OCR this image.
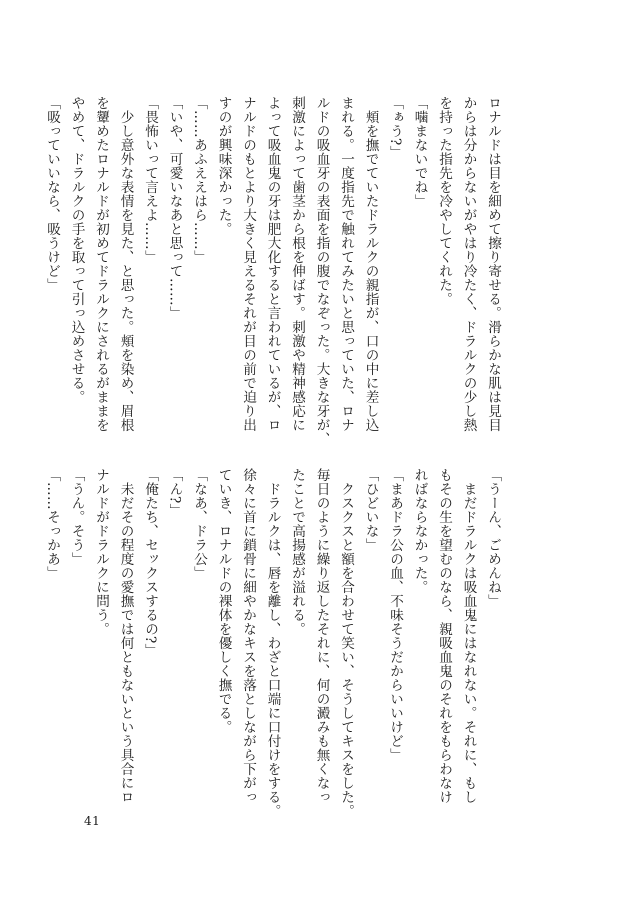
ロナルドは目を細めて擦り寄せる。滑らかな肌は見目
からは分からないがやはり冷たく、ドラルクの少し熱
を持った指先を冷やしてくれた。
「噛まないでね」
「ぁう?」
　頬を撫でていたドラルクの親指が、口の中に差し込
まれる。一度指先で触れてみたいと思っていた、ロナ
ルドの吸血牙の表面を指の腹でなぞった。大きな牙が、
刺激によって歯茎から根を伸ばす。刺激や精神感応に
よって吸血鬼の牙は肥大化すると言われているが、ロ
ナルドのもとより大きく見えるそれが目の前で迫り出
すのが興味深かった。
「……あふええはら……」
「いや、可愛いなあと思って……」
「畏怖いって言えよ……」
　少し意外な表情を見た、と思った。頬を染め、眉根
を顰めたロナルドが初めてドラルクにされるがままを
やめて、ドラルクの手を取って引っ込めさせる。
「吸っていいなら、吸うけど」
「うーん、ごめんね」
　まだドラルクは吸血鬼にはなれない。それに、もし
もその生を望むのなら、親吸血鬼のそれをもらわなけ
ればならなかった。
「まあドラ公の血、不味そうだからいいけど」
「ひどいな」
　クスクスと額を合わせて笑い、そうしてキスをした。
毎日のように繰り返したそれに、何の澱みも無くなっ
たことで高揚感が溢れる。
　ドラルクは、唇を離し、わざと口端に口付けをする。
徐々に首に鎖骨に細やかなキスを落としながら下がっ
ていき、ロナルドの裸体を優しく撫でる。
「なあ、ドラ公」
「ん?」
「俺たち、セックスするの?」
　未だその程度の愛撫では何ともないという具合にロ
ナルドがドラルクに問う。
「うん。そう」
「……そっかあ」
41
